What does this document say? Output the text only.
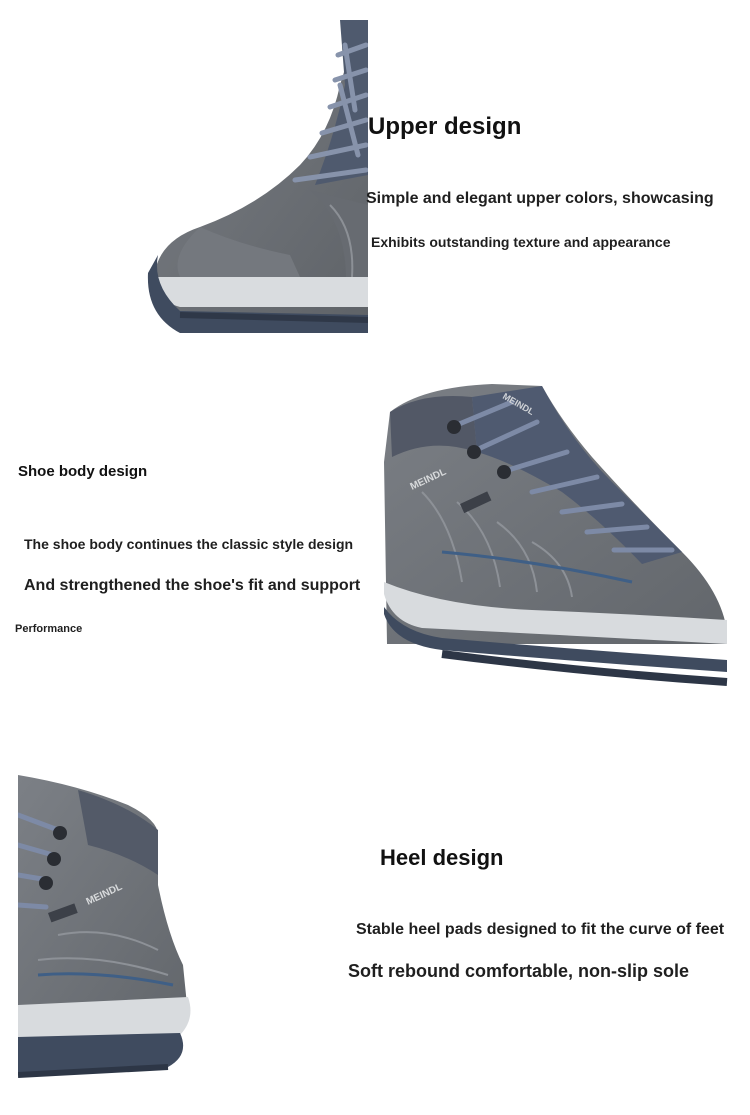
Upper design
Simple and elegant upper colors, showcasing
Exhibits outstanding texture and appearance
Shoe body design
The shoe body continues the classic style design
And strengthened the shoe's fit and support
Performance
MEINDL
MEINDL
MEINDL
Heel design
Stable heel pads designed to fit the curve of feet
Soft rebound comfortable, non-slip sole
